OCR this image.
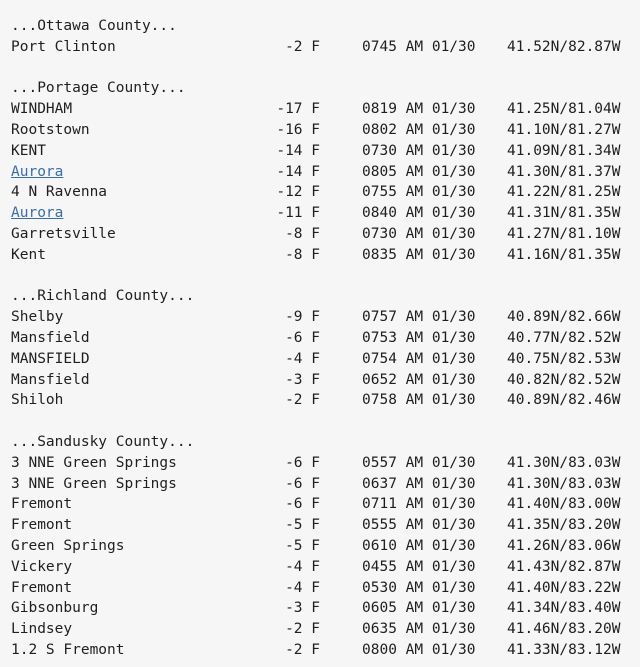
...Ottawa County...
Port Clinton	-2 F	0745 AM 01/30 41.52N/82.87W
...Portage County...
WINDHAM	-17 F	0819 AM 01/30 41.25N/81.04W
Rootstown	-16 F	0802 AM 01/30 41.10N/81.27W
KENT	-14 F	0730 AM 01/30 41.09N/81.34W
Aurora	-14 F	0805 AM 01/30 41.30N/81.37W
4 N Ravenna	-12 F	0755 AM 01/30 41.22N/81.25W
Aurora	-11 F	0840 AM 01/30 41.31N/81.35W
Garretsville	-8 F	0730 AM 01/30 41.27N/81.10W
Kent	-8 F	0835 AM 01/30 41.16N/81.35W
...Richland County...
Shelby	-9 F	0757 AM 01/30 40.89N/82.66W
Mansfield	-6 F	0753 AM 01/30 40.77N/82.52W
MANSFIELD	-4 F	0754 AM 01/30 40.75N/82.53W
Mansfield	-3 F	0652 AM 01/30 40.82N/82.52W
Shiloh	-2 F	0758 AM 01/30 40.89N/82.46W
...Sandusky County...
3 NNE Green Springs	-6 F	0557 AM 01/30 41.30N/83.03W
3 NNE Green Springs	-6 F	0637 AM 01/30 41.30N/83.03W
Fremont	-6 F	0711 AM 01/30 41.40N/83.00W
Fremont	-5 F	0555 AM 01/30 41.35N/83.20W
Green Springs	-5 F	0610 AM 01/30 41.26N/83.06W
Vickery	-4 F	0455 AM 01/30 41.43N/82.87W
Fremont	-4 F	0530 AM 01/30 41.40N/83.22W
Gibsonburg	-3 F	0605 AM 01/30 41.34N/83.40W
Lindsey	-2 F	0635 AM 01/30 41.46N/83.20W
1.2 S Fremont	-2 F	0800 AM 01/30 41.33N/83.12W
